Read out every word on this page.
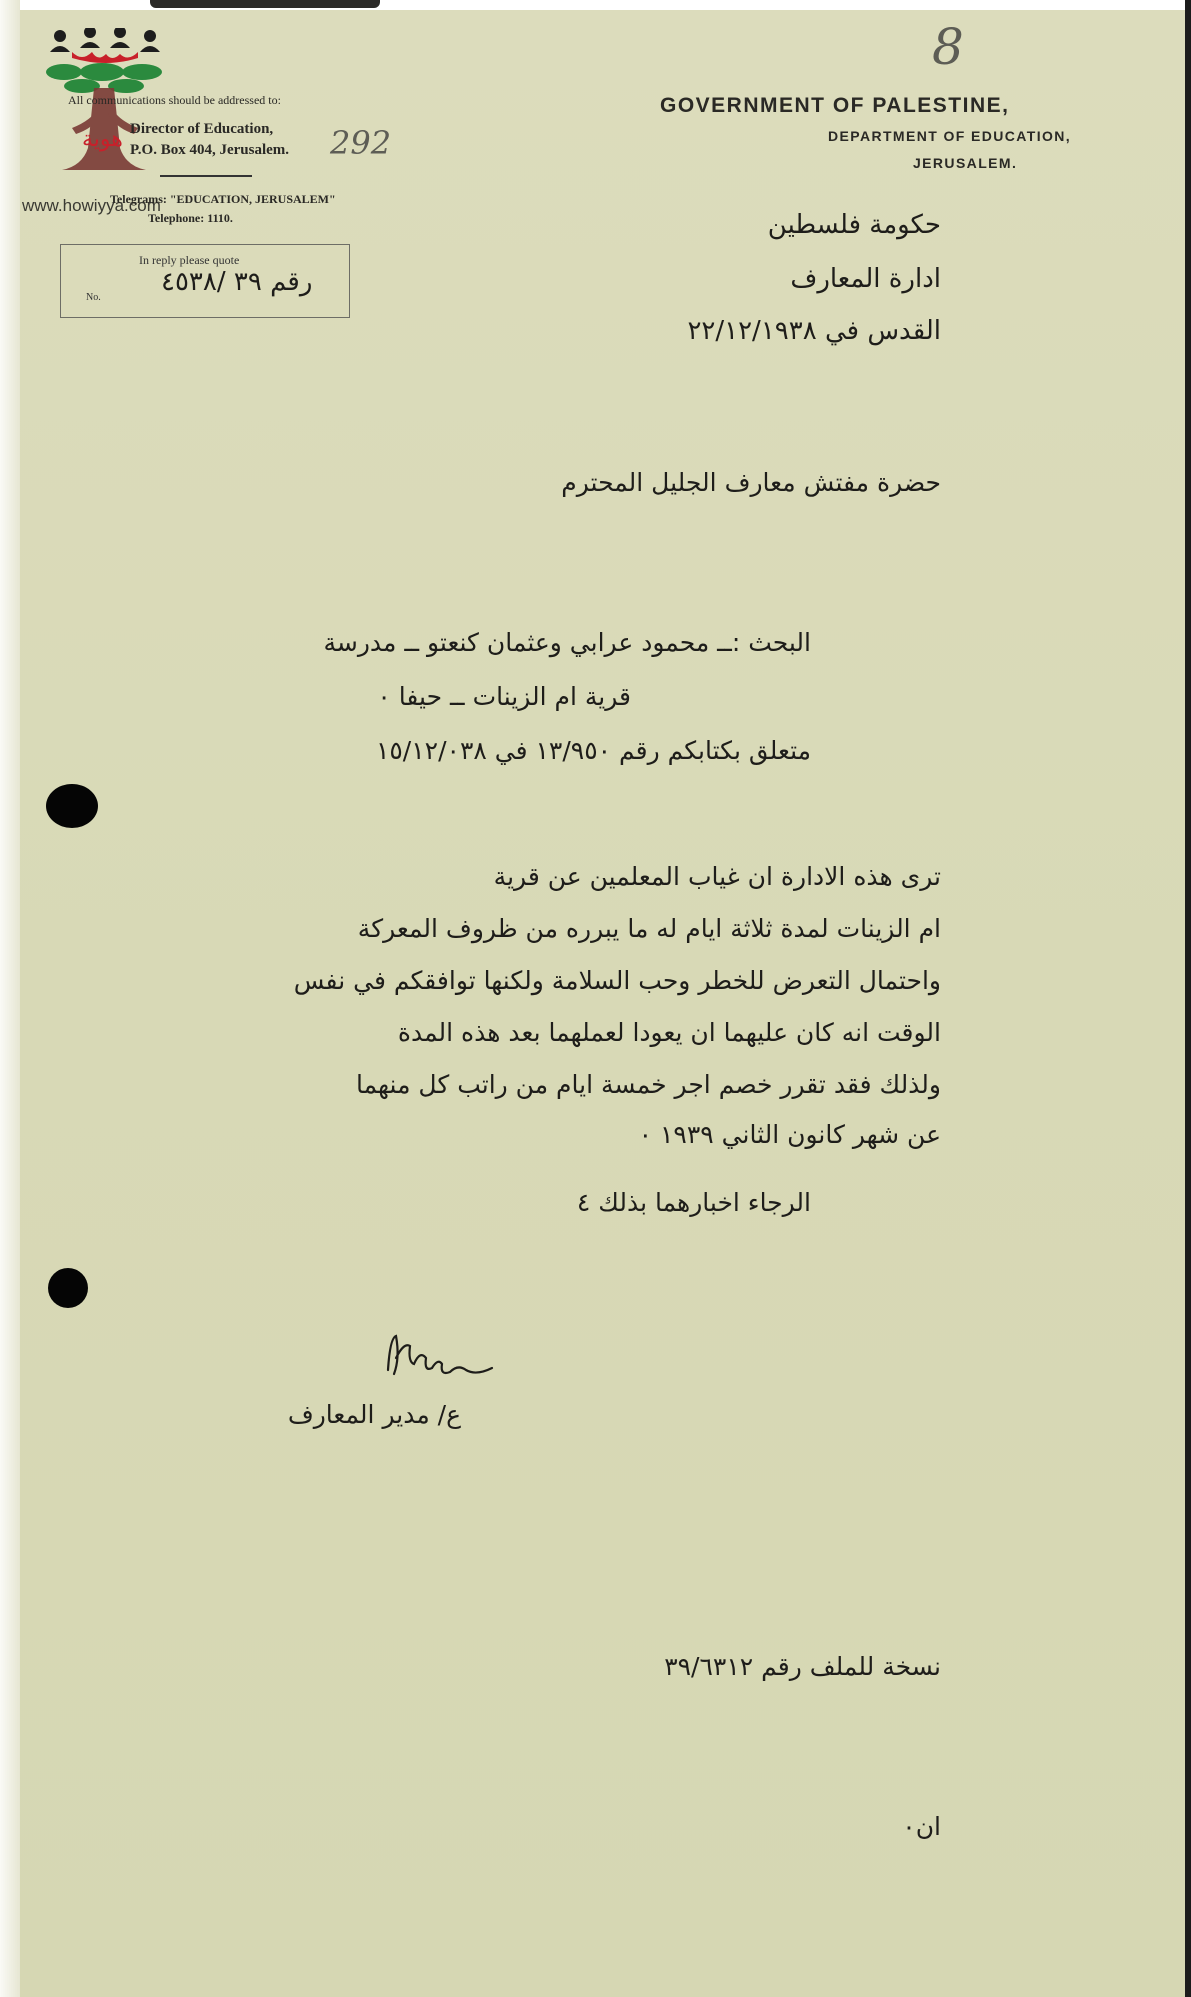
هوية
www.howiyya.com
All communications should be addressed to:
Director of Education,
P.O. Box 404, Jerusalem.
Telegrams: "EDUCATION, JERUSALEM"
Telephone: 1110.
In reply please quote
رقم ٣٩ /٤٥٣٨
No.
8
292
GOVERNMENT OF PALESTINE,
DEPARTMENT OF EDUCATION,
JERUSALEM.
حكومة فلسطين
ادارة المعارف
القدس في ٢٢/١٢/١٩٣٨
حضرة مفتش معارف الجليل المحترم
البحث :ــ محمود عرابي وعثمان كنعتو ــ مدرسة
قرية ام الزينات ــ حيفا ٠
متعلق بكتابكم رقم ١٣/٩٥٠ في ١٥/١٢/٠٣٨
ترى هذه الادارة ان غياب المعلمين عن قرية
ام الزينات لمدة ثلاثة ايام له ما يبرره من ظروف المعركة
واحتمال التعرض للخطر وحب السلامة ولكنها توافقكم في نفس
الوقت انه كان عليهما ان يعودا لعملهما بعد هذه المدة
ولذلك فقد تقرر خصم اجر خمسة ايام من راتب كل منهما
عن شهر كانون الثاني ١٩٣٩ ٠
الرجاء اخبارهما بذلك ٤
ع/ مدير المعارف
نسخة للملف رقم ٣٩/٦٣١٢
ان٠
